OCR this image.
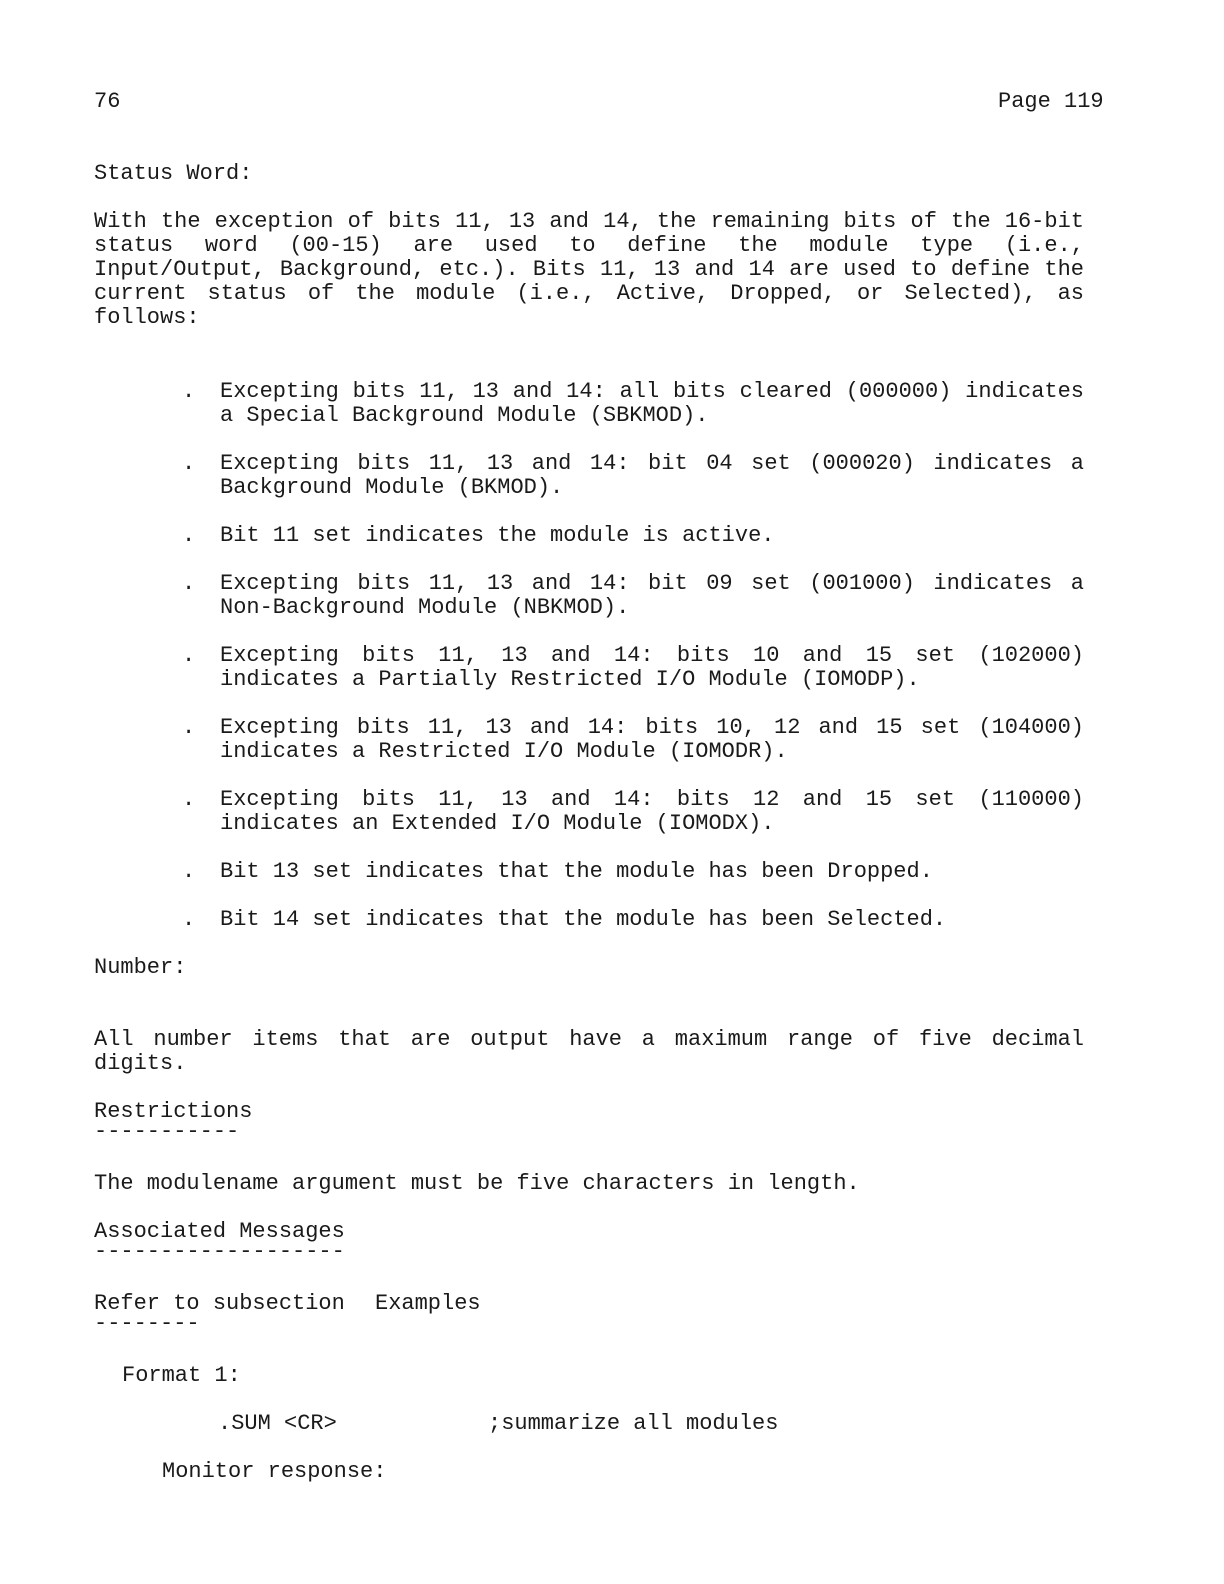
76	Page 119
Status Word:
With the exception of bits 11, 13 and 14, the remaining bits of the 16-bit status word (00-15) are used to define the module type (i.e., Input/Output, Background, etc.). Bits 11, 13 and 14 are used to define the current status of the module (i.e., Active, Dropped, or Selected), as follows:
. Excepting bits 11, 13 and 14: all bits cleared (000000) indicates a Special Background Module (SBKMOD).
. Excepting bits 11, 13 and 14: bit 04 set (000020) indicates a Background Module (BKMOD).
. Bit 11 set indicates the module is active.
. Excepting bits 11, 13 and 14: bit 09 set (001000) indicates a Non-Background Module (NBKMOD).
. Excepting bits 11, 13 and 14: bits 10 and 15 set (102000) indicates a Partially Restricted I/O Module (IOMODP).
. Excepting bits 11, 13 and 14: bits 10, 12 and 15 set (104000) indicates a Restricted I/O Module (IOMODR).
. Excepting bits 11, 13 and 14: bits 12 and 15 set (110000) indicates an Extended I/O Module (IOMODX).
. Bit 13 set indicates that the module has been Dropped.
. Bit 14 set indicates that the module has been Selected.
Number:
All number items that are output have a maximum range of five decimal digits.
Restrictions
-----------
The modulename argument must be five characters in length.
Associated Messages
-------------------
Refer to subsection Examples
--------
Format 1:
.SUM <CR>	;summarize all modules
Monitor response:
